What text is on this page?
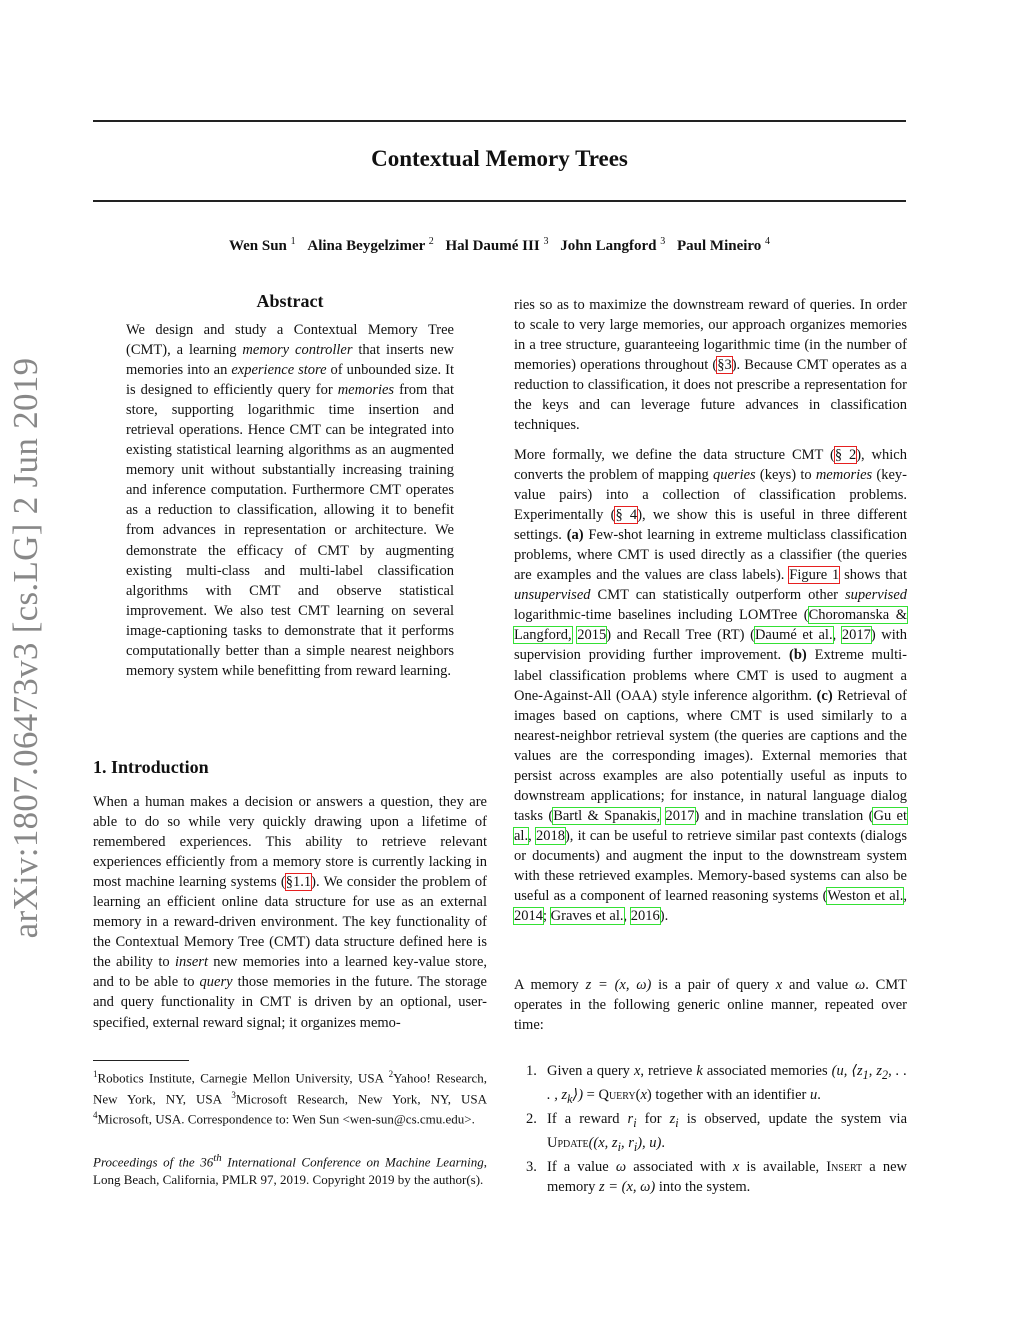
Contextual Memory Trees
Wen Sun $^1$ Alina Beygelzimer $^2$ Hal Daumé III $^3$ John Langford $^3$ Paul Mineiro $^4$
arXiv:1807.06473v3 [cs.LG] 2 Jun 2019
Abstract

We design and study a Contextual Memory Tree (CMT), a learning memory controller that inserts new memories into an experience store of unbounded size. It is designed to efficiently query for memories from that store, supporting logarithmic time insertion and retrieval operations. Hence CMT can be integrated into existing statistical learning algorithms as an augmented memory unit without substantially increasing training and inference computation. Furthermore CMT operates as a reduction to classification, allowing it to benefit from advances in representation or architecture. We demonstrate the efficacy of CMT by augmenting existing multi-class and multi-label classification algorithms with CMT and observe statistical improvement. We also test CMT learning on several image-captioning tasks to demonstrate that it performs computationally better than a simple nearest neighbors memory system while benefitting from reward learning.

1. Introduction

When a human makes a decision or answers a question, they are able to do so while very quickly drawing upon a lifetime of remembered experiences. This ability to retrieve relevant experiences efficiently from a memory store is currently lacking in most machine learning systems (§1.1). We consider the problem of learning an efficient online data structure for use as an external memory in a reward-driven environment. The key functionality of the Contextual Memory Tree (CMT) data structure defined here is the ability to insert new memories into a learned key-value store, and to be able to query those memories in the future. The storage and query functionality in CMT is driven by an optional, user-specified, external reward signal; it organizes memo-

$^1$Robotics Institute, Carnegie Mellon University, USA $^2$Yahoo! Research, New York, NY, USA $^3$Microsoft Research, New York, NY, USA $^4$Microsoft, USA. Correspondence to: Wen Sun <wen-sun@cs.cmu.edu>.

Proceedings of the 36th International Conference on Machine Learning, Long Beach, California, PMLR 97, 2019. Copyright 2019 by the author(s).

ries so as to maximize the downstream reward of queries. In order to scale to very large memories, our approach organizes memories in a tree structure, guaranteeing logarithmic time (in the number of memories) operations throughout (§3). Because CMT operates as a reduction to classification, it does not prescribe a representation for the keys and can leverage future advances in classification techniques.

More formally, we define the data structure CMT (§ 2), which converts the problem of mapping queries (keys) to memories (key-value pairs) into a collection of classification problems. Experimentally (§ 4), we show this is useful in three different settings. (a) Few-shot learning in extreme multiclass classification problems, where CMT is used directly as a classifier (the queries are examples and the values are class labels). Figure 1 shows that unsupervised CMT can statistically outperform other supervised logarithmic-time baselines including LOMTree (Choromanska & Langford, 2015) and Recall Tree (RT) (Daumé et al., 2017) with supervision providing further improvement. (b) Extreme multi-label classification problems where CMT is used to augment a One-Against-All (OAA) style inference algorithm. (c) Retrieval of images based on captions, where CMT is used similarly to a nearest-neighbor retrieval system (the queries are captions and the values are the corresponding images). External memories that persist across examples are also potentially useful as inputs to downstream applications; for instance, in natural language dialog tasks (Bartl & Spanakis, 2017) and in machine translation (Gu et al., 2018), it can be useful to retrieve similar past contexts (dialogs or documents) and augment the input to the downstream system with these retrieved examples. Memory-based systems can also be useful as a component of learned reasoning systems (Weston et al., 2014; Graves et al., 2016).

A memory z = (x, ω) is a pair of query x and value ω. CMT operates in the following generic online manner, repeated over time:

1. Given a query x, retrieve k associated memories (u, $⟨z_1$, $z_2$, . . . , $z_k⟩$) = Query(x) together with an identifier u.
2. If a reward $r_i$ for $z_i$ is observed, update the system via Update((x, $z_i$, $r_i$), u).
3. If a value ω associated with x is available, Insert a new memory z = (x, ω) into the system.
